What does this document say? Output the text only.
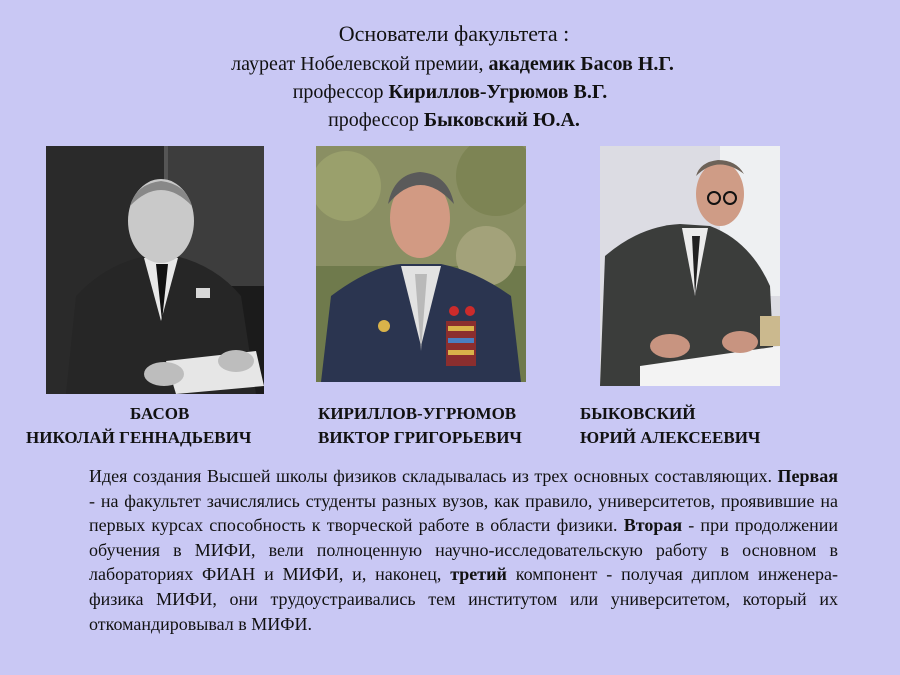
Основатели факультета :
лауреат Нобелевской премии, академик Басов Н.Г.
профессор Кириллов-Угрюмов В.Г.
профессор Быковский Ю.А.
БАСОВ
НИКОЛАЙ ГЕННАДЬЕВИЧ
КИРИЛЛОВ-УГРЮМОВ
ВИКТОР ГРИГОРЬЕВИЧ
БЫКОВСКИЙ
ЮРИЙ АЛЕКСЕЕВИЧ
Идея создания Высшей школы физиков складывалась из трех основных составляющих. Первая - на факультет зачислялись студенты разных вузов, как правило, университетов, проявившие на первых курсах способность к творческой работе в области физики. Вторая - при продолжении обучения в МИФИ, вели полноценную научно-исследовательскую работу в основном в лабораториях ФИАН и МИФИ, и, наконец, третий компонент - получая диплом инженера-физика МИФИ, они трудоустраивались тем институтом или университетом, который их откомандировывал в МИФИ.
